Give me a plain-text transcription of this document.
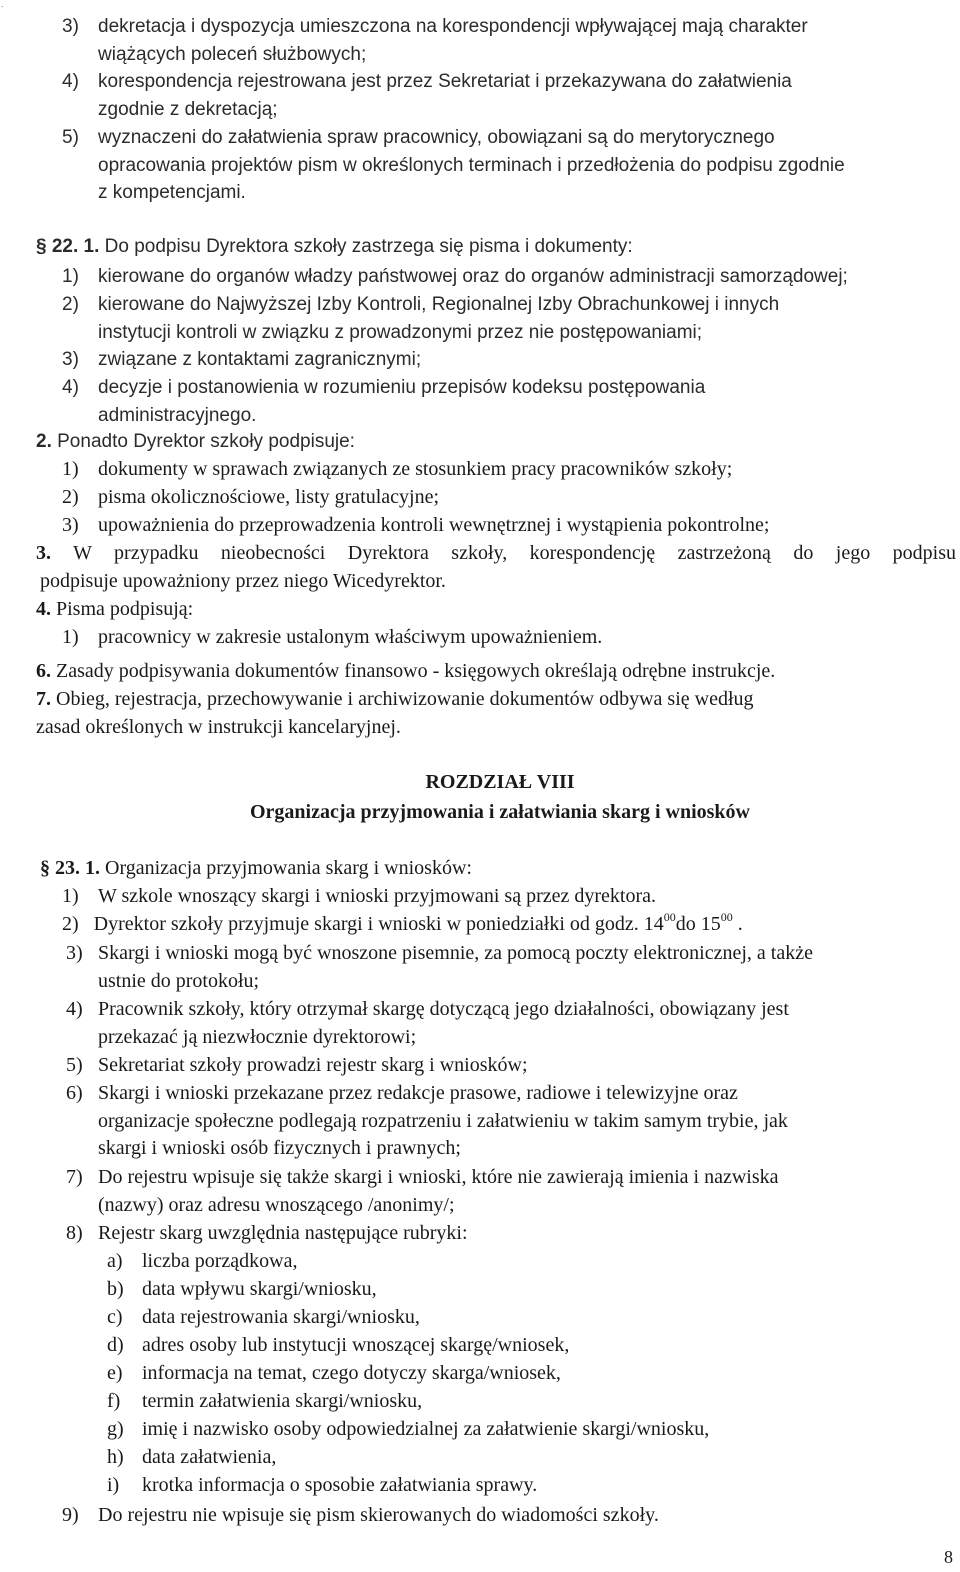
.
3) dekretacja i dyspozycja umieszczona na korespondencji wpływającej mają charakter
wiążących poleceń służbowych;
4) korespondencja rejestrowana jest przez Sekretariat i przekazywana do załatwienia
zgodnie z dekretacją;
5) wyznaczeni do załatwienia spraw pracownicy, obowiązani są do merytorycznego
opracowania projektów pism w określonych terminach i przedłożenia do podpisu zgodnie
z kompetencjami.
§ 22. 1. Do podpisu Dyrektora szkoły zastrzega się pisma i dokumenty:
1) kierowane do organów władzy państwowej oraz do organów administracji samorządowej;
2) kierowane do Najwyższej Izby Kontroli, Regionalnej Izby Obrachunkowej i innych
instytucji kontroli w związku z prowadzonymi przez nie postępowaniami;
3) związane z kontaktami zagranicznymi;
4) decyzje i postanowienia w rozumieniu przepisów kodeksu postępowania
administracyjnego.
2. Ponadto Dyrektor szkoły podpisuje:
1) dokumenty w sprawach związanych ze stosunkiem pracy pracowników szkoły;
2) pisma okolicznościowe, listy gratulacyjne;
3) upoważnienia do przeprowadzenia kontroli wewnętrznej i wystąpienia pokontrolne;
3. W przypadku nieobecności Dyrektora szkoły, korespondencję zastrzeżoną do jego podpisu
podpisuje upoważniony przez niego Wicedyrektor.
4. Pisma podpisują:
1) pracownicy w zakresie ustalonym właściwym upoważnieniem.
6. Zasady podpisywania dokumentów finansowo - księgowych określają odrębne instrukcje.
7. Obieg, rejestracja, przechowywanie i archiwizowanie dokumentów odbywa się według
zasad określonych w instrukcji kancelaryjnej.
ROZDZIAŁ VIII
Organizacja przyjmowania i załatwiania skarg i wniosków
§ 23. 1. Organizacja przyjmowania skarg i wniosków:
1) W szkole wnoszący skargi i wnioski przyjmowani są przez dyrektora.
2) Dyrektor szkoły przyjmuje skargi i wnioski w poniedziałki od godz. $14^{00}do$ $15^{00}$ .
3) Skargi i wnioski mogą być wnoszone pisemnie, za pomocą poczty elektronicznej, a także
ustnie do protokołu;
4) Pracownik szkoły, który otrzymał skargę dotyczącą jego działalności, obowiązany jest
przekazać ją niezwłocznie dyrektorowi;
5) Sekretariat szkoły prowadzi rejestr skarg i wniosków;
6) Skargi i wnioski przekazane przez redakcje prasowe, radiowe i telewizyjne oraz
organizacje społeczne podlegają rozpatrzeniu i załatwieniu w takim samym trybie, jak
skargi i wnioski osób fizycznych i prawnych;
7) Do rejestru wpisuje się także skargi i wnioski, które nie zawierają imienia i nazwiska
(nazwy) oraz adresu wnoszącego /anonimy/;
8) Rejestr skarg uwzględnia następujące rubryki:
a) liczba porządkowa,
b) data wpływu skargi/wniosku,
c) data rejestrowania skargi/wniosku,
d) adres osoby lub instytucji wnoszącej skargę/wniosek,
e) informacja na temat, czego dotyczy skarga/wniosek,
f) termin załatwienia skargi/wniosku,
g) imię i nazwisko osoby odpowiedzialnej za załatwienie skargi/wniosku,
h) data załatwienia,
i) krotka informacja o sposobie załatwiania sprawy.
9) Do rejestru nie wpisuje się pism skierowanych do wiadomości szkoły.
8
